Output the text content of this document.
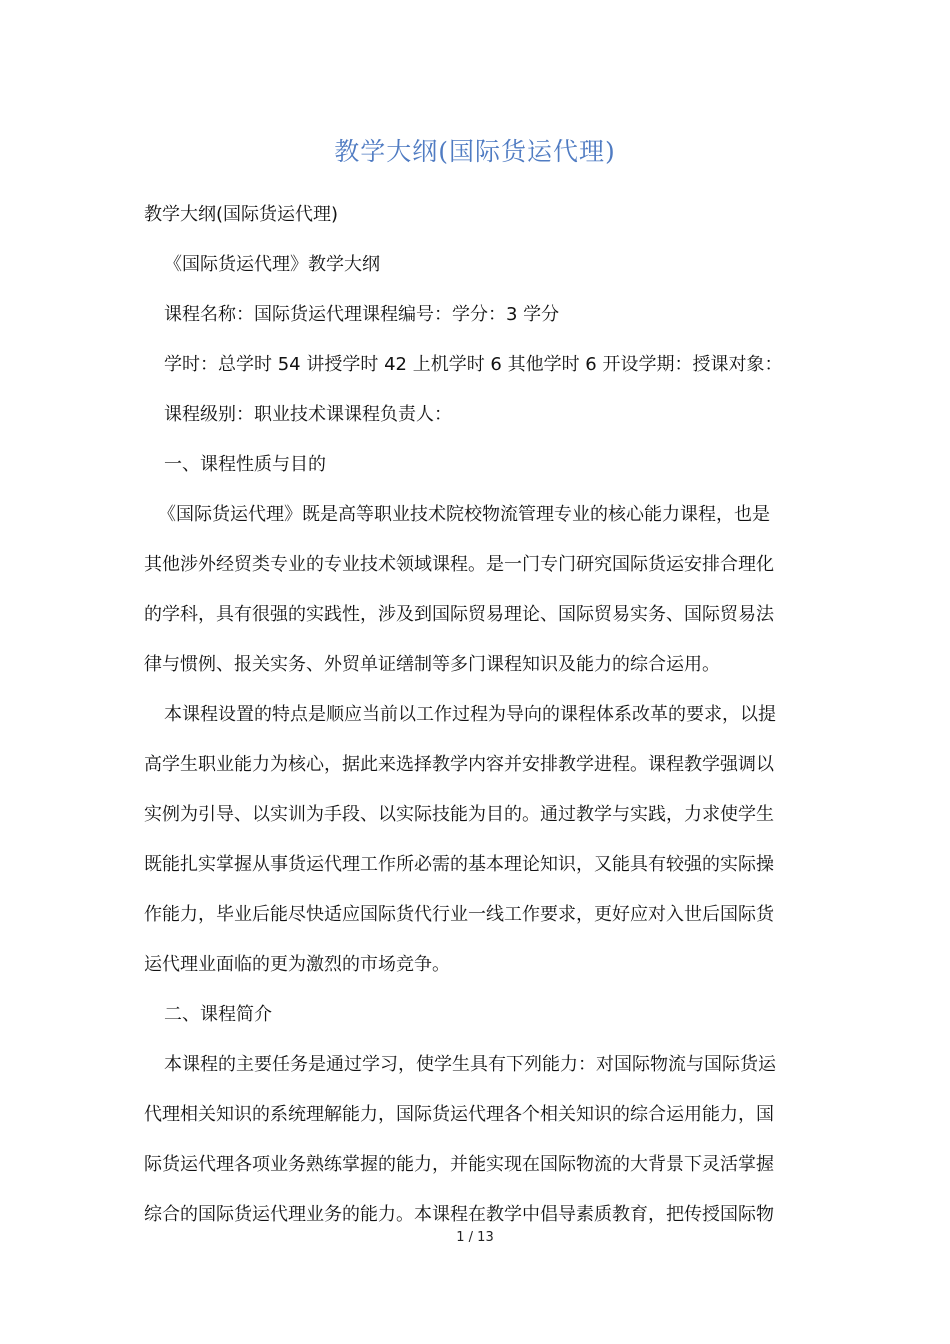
教学大纲(国际货运代理)
教学大纲(国际货运代理)
《国际货运代理》教学大纲
课程名称：国际货运代理课程编号：学分：3 学分
学时：总学时 54 讲授学时 42 上机学时 6 其他学时 6 开设学期：授课对象：
课程级别：职业技术课课程负责人：
一、课程性质与目的
《国际货运代理》既是高等职业技术院校物流管理专业的核心能力课程，也是
其他涉外经贸类专业的专业技术领域课程。是一门专门研究国际货运安排合理化
的学科，具有很强的实践性，涉及到国际贸易理论、国际贸易实务、国际贸易法
律与惯例、报关实务、外贸单证缮制等多门课程知识及能力的综合运用。
本课程设置的特点是顺应当前以工作过程为导向的课程体系改革的要求，以提
高学生职业能力为核心，据此来选择教学内容并安排教学进程。课程教学强调以
实例为引导、以实训为手段、以实际技能为目的。通过教学与实践，力求使学生
既能扎实掌握从事货运代理工作所必需的基本理论知识，又能具有较强的实际操
作能力，毕业后能尽快适应国际货代行业一线工作要求，更好应对入世后国际货
运代理业面临的更为激烈的市场竞争。
二、课程简介
本课程的主要任务是通过学习，使学生具有下列能力：对国际物流与国际货运
代理相关知识的系统理解能力，国际货运代理各个相关知识的综合运用能力，国
际货运代理各项业务熟练掌握的能力，并能实现在国际物流的大背景下灵活掌握
综合的国际货运代理业务的能力。本课程在教学中倡导素质教育，把传授国际物
1 / 13
